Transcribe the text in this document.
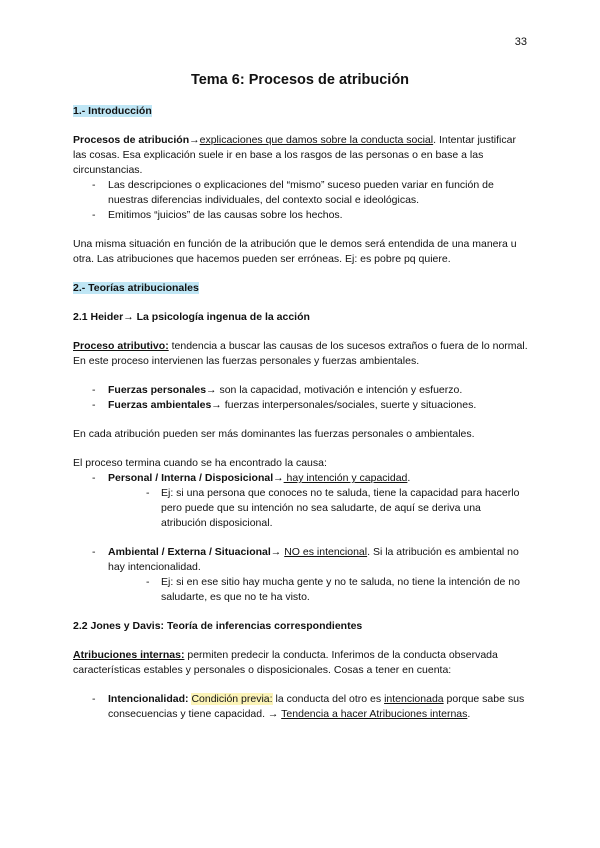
33
Tema 6: Procesos de atribución

1.- Introducción

Procesos de atribución→explicaciones que damos sobre la conducta social. Intentar justificar las cosas. Esa explicación suele ir en base a los rasgos de las personas o en base a las circunstancias.

- Las descripciones o explicaciones del “mismo” suceso pueden variar en función de nuestras diferencias individuales, del contexto social e ideológicas.
- Emitimos “juicios” de las causas sobre los hechos.

Una misma situación en función de la atribución que le demos será entendida de una manera u otra. Las atribuciones que hacemos pueden ser erróneas. Ej: es pobre pq quiere.

2.- Teorías atribucionales

2.1 Heider→ La psicología ingenua de la acción

Proceso atributivo: tendencia a buscar las causas de los sucesos extraños o fuera de lo normal. En este proceso intervienen las fuerzas personales y fuerzas ambientales.

- Fuerzas personales→ son la capacidad, motivación e intención y esfuerzo.
- Fuerzas ambientales→ fuerzas interpersonales/sociales, suerte y situaciones.

En cada atribución pueden ser más dominantes las fuerzas personales o ambientales.

El proceso termina cuando se ha encontrado la causa:

- Personal / Interna / Disposicional→ hay intención y capacidad.
- Ej: si una persona que conoces no te saluda, tiene la capacidad para hacerlo pero puede que su intención no sea saludarte, de aquí se deriva una atribución disposicional.
- Ambiental / Externa / Situacional→ NO es intencional. Si la atribución es ambiental no hay intencionalidad.
- Ej: si en ese sitio hay mucha gente y no te saluda, no tiene la intención de no saludarte, es que no te ha visto.

2.2 Jones y Davis: Teoría de inferencias correspondientes

Atribuciones internas: permiten predecir la conducta. Inferimos de la conducta observada características estables y personales o disposicionales. Cosas a tener en cuenta:

- Intencionalidad: Condición previa: la conducta del otro es intencionada porque sabe sus consecuencias y tiene capacidad. → Tendencia a hacer Atribuciones internas.
